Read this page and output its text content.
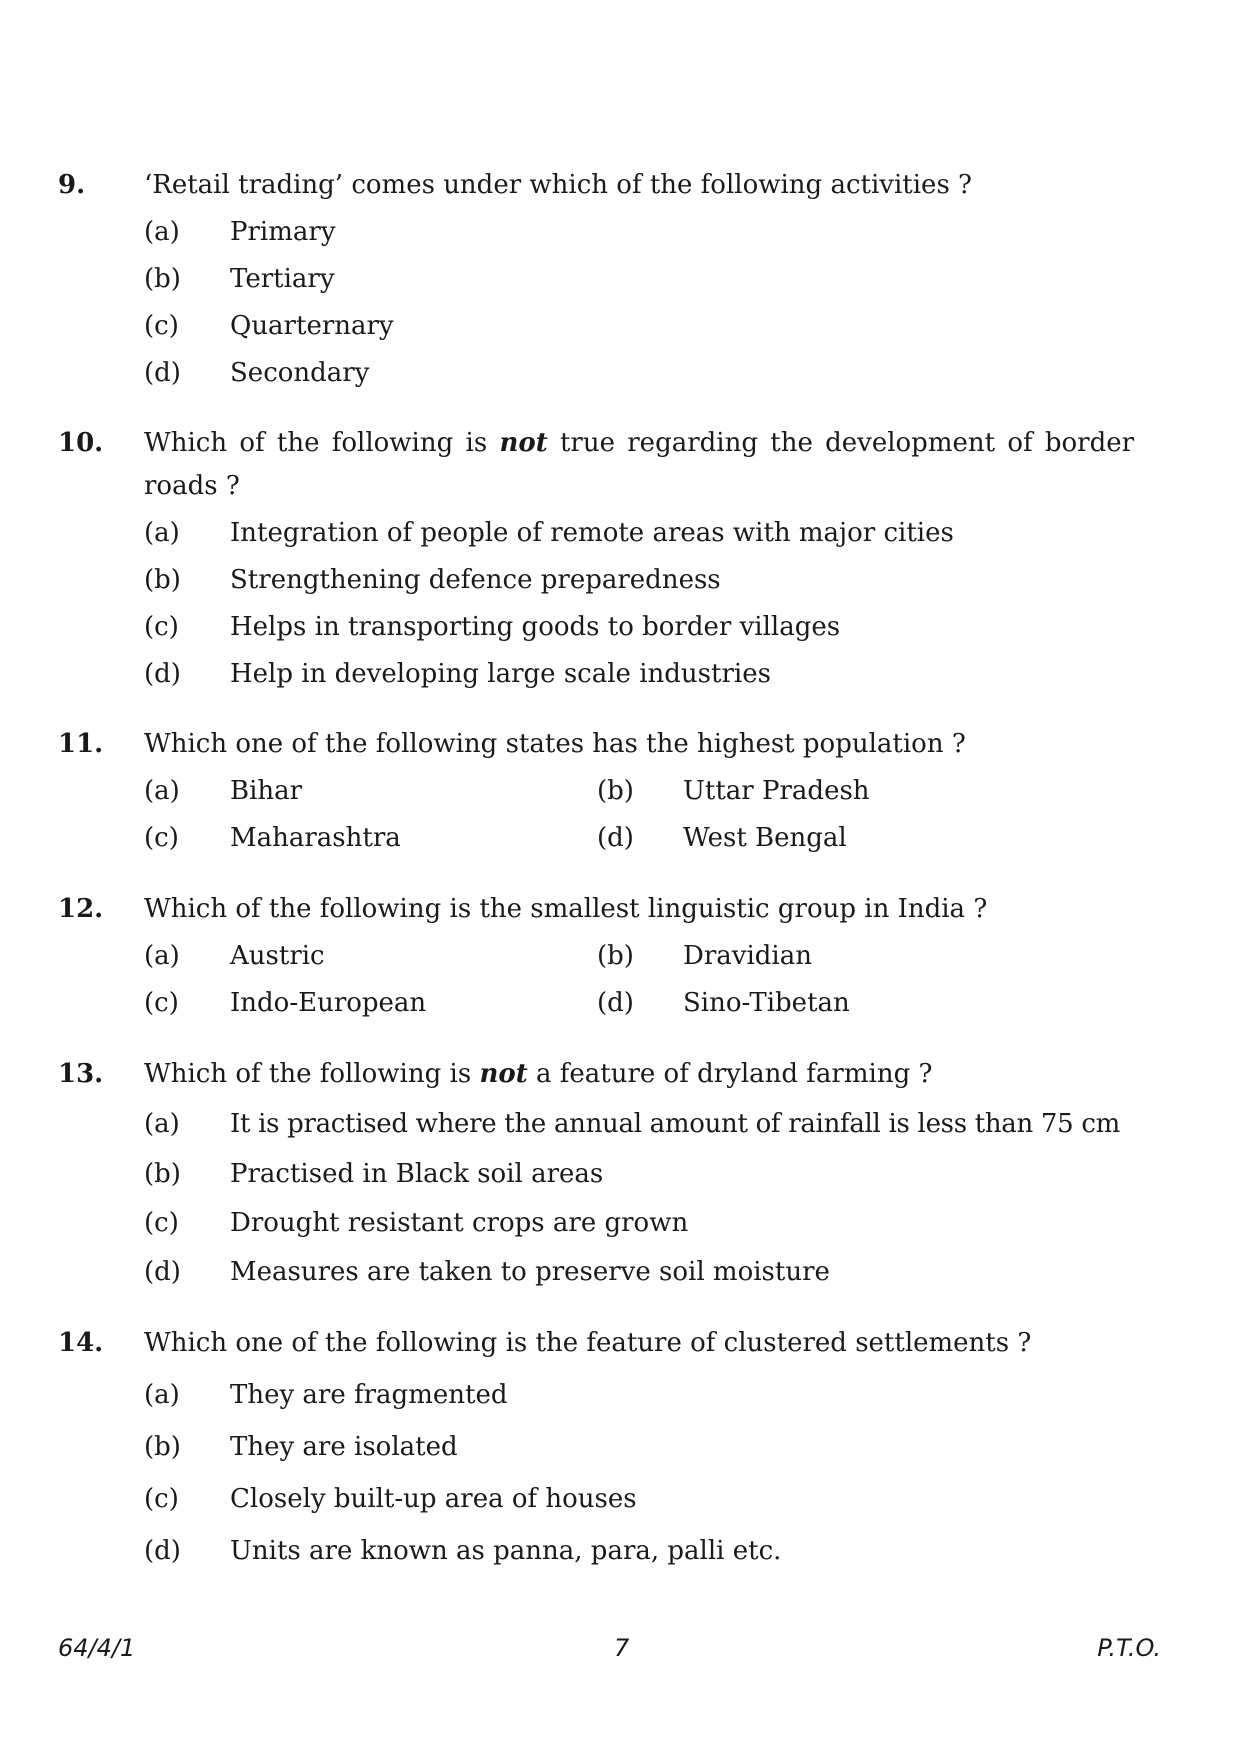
9. ‘Retail trading’ comes under which of the following activities ?
(a) Primary
(b) Tertiary
(c) Quarternary
(d) Secondary
10. Which of the following is not true regarding the development of border
roads ?
(a) Integration of people of remote areas with major cities
(b) Strengthening defence preparedness
(c) Helps in transporting goods to border villages
(d) Help in developing large scale industries
11. Which one of the following states has the highest population ?
(a) Bihar	(b) Uttar Pradesh
(c) Maharashtra	(d) West Bengal
12. Which of the following is the smallest linguistic group in India ?
(a) Austric	(b) Dravidian
(c) Indo-European	(d) Sino-Tibetan
13. Which of the following is not a feature of dryland farming ?
(a) It is practised where the annual amount of rainfall is less than 75 cm
(b) Practised in Black soil areas
(c) Drought resistant crops are grown
(d) Measures are taken to preserve soil moisture
14. Which one of the following is the feature of clustered settlements ?
(a) They are fragmented
(b) They are isolated
(c) Closely built-up area of houses
(d) Units are known as panna, para, palli etc.
64/4/1	7	P.T.O.
